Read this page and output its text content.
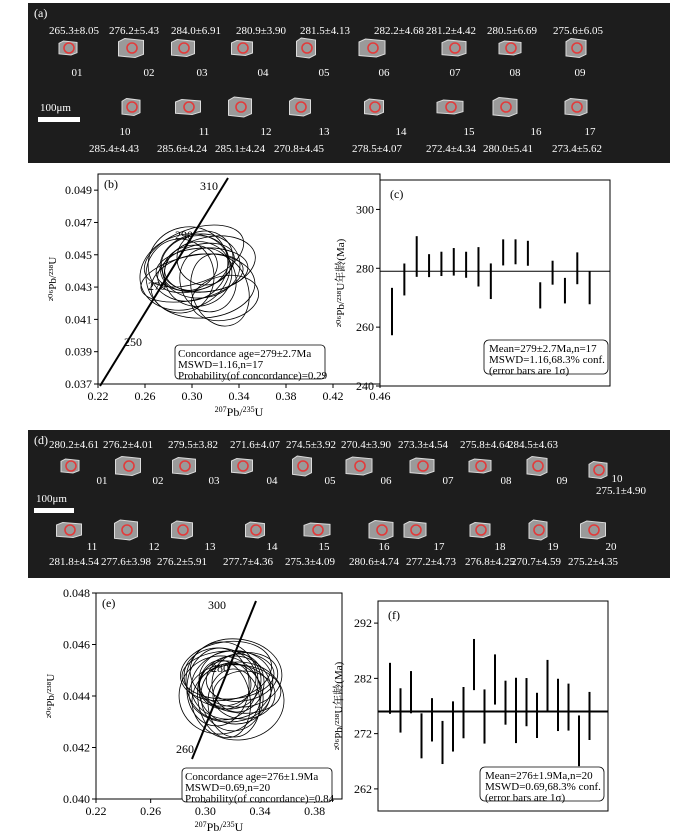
(a)
265.3±8.05
01
276.2±5.43
02
284.0±6.91
03
280.9±3.90
04
281.5±4.13
05
282.2±4.68
06
281.2±4.42
07
280.5±6.69
08
275.6±6.05
09
285.4±4.43
10
285.6±4.24
11
285.1±4.24
12
270.8±4.45
13
278.5±4.07
14
272.4±4.34
15
280.0±5.41
16
273.4±5.62
17
100μm
0.22 0.26 0.30 0.34 0.38 0.42 0.46
0.037
0.039
0.041
0.043
0.045
0.047
0.049 (b)
$^{207}$Pb/$^{235}$U
²⁰⁶Pb/²³⁸U
310
290
270
250
Concordance age=279±2.7Ma
MSWD=1.16,n=17
Probability(of concordance)=0.29
(c)
240
260
280
300
²⁰⁶Pb/²³⁸U年龄(Ma)
Mean=279±2.7Ma,n=17
MSWD=1.16,68.3% conf.
(error bars are 1σ)
(d) 280.2±4.61
01
276.2±4.01
02
279.5±3.82
03
271.6±4.07
04
274.5±3.92
05
270.4±3.90
06
273.3±4.54
07
275.8±4.64
08
284.5±4.63
09
275.1±4.90
10
281.8±4.54
11
277.6±3.98
12
276.2±5.91
13
277.7±4.36
14
275.3±4.09
15
280.6±4.74
16
277.2±4.73
17
276.8±4.25
18
270.7±4.59
19
275.2±4.35
20
100μm
0.22	0.26	0.30	0.34	0.38
0.040
0.042
0.044
0.046
0.048
(e)
$^{207}$Pb/$^{235}$U
²⁰⁶Pb/²³⁸U
300
280
260
Concordance age=276±1.9Ma
MSWD=0.69,n=20
Probability(of concordance)=0.84
(f)
262
272
282
292
²⁰⁶Pb/²³⁸U年龄(Ma)
Mean=276±1.9Ma,n=20
MSWD=0.69,68.3% conf.
(error bars are 1σ)
